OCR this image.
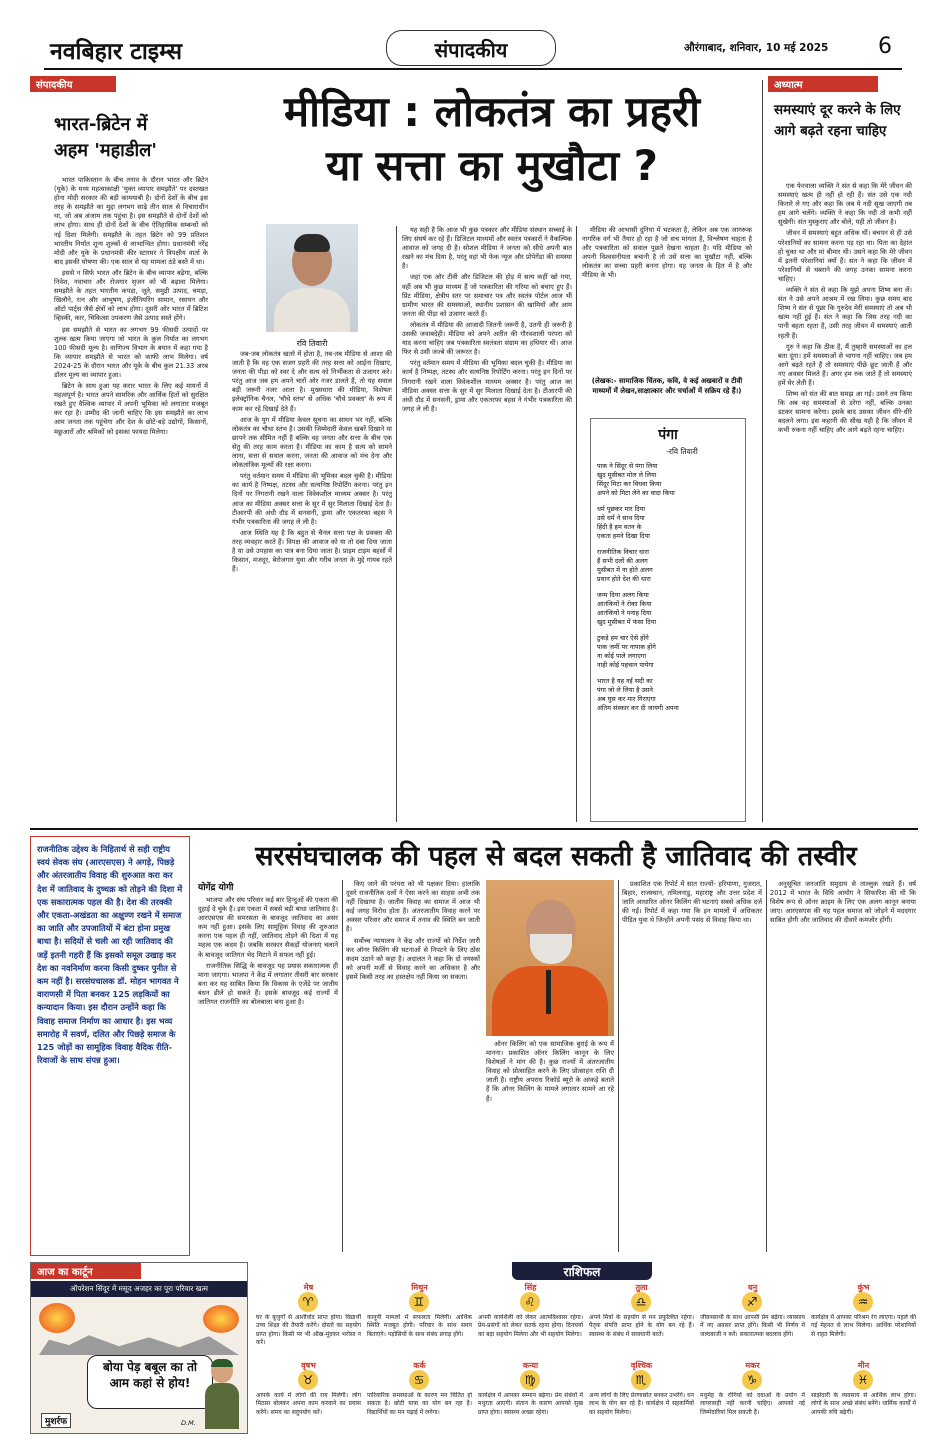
नवबिहार टाइम्स	संपादकीय	औरंगाबाद, शनिवार, 10 मई 2025 6
संपादकीय
भारत-ब्रिटेन में
अहम 'महाडील'

भारत पाकिस्तान के बीच तनाव के दौरान भारत और ब्रिटेन (यूके) के मध्य महत्वाकांक्षी 'मुक्त व्यापार समझौते' पर दस्तखत होना मोदी सरकार की बड़ी कामयाबी है। दोनों देशों के बीच इस तरह के समझौते का मुद्दा लगभग साढ़े तीन साल से विचाराधीन था, जो अब अंजाम तक पहुंचा है। इस समझौते से दोनों देशों को लाभ होगा। साथ ही दोनों देशों के बीच ऐतिहासिक सम्बन्धों को नई दिशा मिलेगी। समझौते के तहत ब्रिटेन को 99 प्रतिशत भारतीय निर्यात शून्य शुल्कों से लाभान्वित होगा। प्रधानमंत्री नरेंद्र मोदी और यूके के प्रधानमंत्री कीर स्टारमर ने त्रिपक्षीय वार्ता के बाद इसकी घोषणा की। एक साल से यह मामला ठंडे बस्ते में था।

इससे न सिर्फ भारत और ब्रिटेन के बीच व्यापार बढ़ेगा, बल्कि निवेश, नवाचार और रोजगार सृजन को भी बढ़ावा मिलेगा। समझौते के तहत भारतीय कपड़ा, जूते, समुद्री उत्पाद, चमड़ा, खिलौने, रत्न और आभूषण, इंजीनियरिंग सामान, रसायन और ऑटो पार्ट्स जैसे क्षेत्रों को लाभ होगा। दूसरी ओर भारत में ब्रिटिश व्हिस्की, कार, चिकित्सा उपकरण जैसे उत्पाद सस्ते होंगे।

इस समझौते से भारत का लगभग 99 फीसदी उत्पादों पर शुल्क खत्म किया जाएगा जो भारत के कुल निर्यात का लगभग 100 फीसदी मूल्य है। वाणिज्य विभाग के बयान में कहा गया है कि व्यापार समझौते से भारत को काफी लाभ मिलेगा। वर्ष 2024-25 के दौरान भारत और यूके के बीच कुल 21.33 अरब डॉलर मूल्य का व्यापार हुआ।

ब्रिटेन के साथ हुआ यह करार भारत के लिए कई मायनों में महत्वपूर्ण है। भारत अपने सामरिक और आर्थिक हितों को सुरक्षित रखते हुए वैश्विक व्यापार में अपनी भूमिका को लगातार मजबूत कर रहा है। उम्मीद की जानी चाहिए कि इस समझौते का लाभ आम जनता तक पहुंचेगा और देश के छोटे-बड़े उद्योगों, किसानों, मछुआरों और श्रमिकों को इसका फायदा मिलेगा।

मीडिया : लोकतंत्र का प्रहरी
या सत्ता का मुखौटा ?
रवि तिवारी

जब-जब लोकतंत्र खतरे में होता है, तब-तब मीडिया से आशा की जाती है कि वह एक सजग प्रहरी की तरह सत्ता को आईना दिखाए, जनता की पीड़ा को स्वर दे और सत्य को निर्भीकता से उजागर करे। परंतु आज जब हम अपने चारों ओर नजर डालते हैं, तो यह सवाल बड़ी जरूरी नजर आता है। मुख्यधारा की मीडिया, विशेषतः इलेक्ट्रॉनिक चैनल, 'चौथे स्तंभ' से अधिक 'चौथे प्रवक्ता' के रूप में काम कर रहे दिखाई देते हैं।

आज के युग में मीडिया केवल सूचना का साधन भर नहीं, बल्कि लोकतंत्र का चौथा स्तंभ है। उसकी जिम्मेदारी केवल खबरें दिखाने या छापने तक सीमित नहीं है बल्कि वह जनता और सत्ता के बीच एक सेतु की तरह काम करता है। मीडिया का काम है सत्य को सामने लाना, सत्ता से सवाल करना, जनता की आवाज को मंच देना और लोकतांत्रिक मूल्यों की रक्षा करना।

परंतु वर्तमान समय में मीडिया की भूमिका बदल चुकी है। मीडिया का कार्य है निष्पक्ष, तटस्थ और सत्यनिष्ठ रिपोर्टिंग करना। परंतु इन दिनों पर निगरानी रखने वाला विवेकशील माध्यम अक्सर है। परंतु आज का मीडिया अक्सर सत्ता के सुर में सुर मिलाता दिखाई देता है। टीआरपी की अंधी दौड़ में सनसनी, ड्रामा और एकतरफा बहस ने गंभीर पत्रकारिता की जगह ले ली है।

आज स्थिति यह है कि बहुत से चैनल सत्ता पक्ष के प्रवक्ता की तरह व्यवहार करते हैं। विपक्ष की आवाज को या तो दबा दिया जाता है या उसे उपहास का पात्र बना दिया जाता है। प्राइम टाइम बहसों में किसान, मजदूर, बेरोजगार युवा और गरीब जनता के मुद्दे गायब रहते हैं।

यह सही है कि आज भी कुछ पत्रकार और मीडिया संस्थान सच्चाई के लिए संघर्ष कर रहे हैं। डिजिटल माध्यमों और स्वतंत्र पत्रकारों ने वैकल्पिक आवाज को जगह दी है। सोशल मीडिया ने जनता को सीधे अपनी बात रखने का मंच दिया है, परंतु वहां भी फेक न्यूज और प्रोपेगेंडा की समस्या है।

जहां एक ओर टीवी और डिजिटल की होड़ में सत्य कहीं खो गया, वहीं अब भी कुछ माध्यम हैं जो पत्रकारिता की गरिमा को बचाए हुए हैं। प्रिंट मीडिया, क्षेत्रीय स्तर पर समाचार पत्र और स्वतंत्र पोर्टल आज भी ग्रामीण भारत की समस्याओं, स्थानीय प्रशासन की खामियों और आम जनता की पीड़ा को उजागर करते हैं।

लोकतंत्र में मीडिया की आजादी जितनी जरूरी है, उतनी ही जरूरी है उसकी जवाबदेही। मीडिया को अपने अतीत की गौरवशाली परंपरा को याद करना चाहिए जब पत्रकारिता स्वतंत्रता संग्राम का हथियार थी। आज फिर से उसी जज्बे की जरूरत है।

परंतु वर्तमान समय में मीडिया की भूमिका बदल चुकी है। मीडिया का कार्य है निष्पक्ष, तटस्थ और सत्यनिष्ठ रिपोर्टिंग करना। परंतु इन दिनों पर निगरानी रखने वाला विवेकशील माध्यम अक्सर है। परंतु आज का मीडिया अक्सर सत्ता के सुर में सुर मिलाता दिखाई देता है। टीआरपी की अंधी दौड़ में सनसनी, ड्रामा और एकतरफा बहस ने गंभीर पत्रकारिता की जगह ले ली है।

मीडिया की आभासी दुनिया में भटकता है, लेकिन अब एक जागरूक नागरिक वर्ग भी तैयार हो रहा है जो सच मांगता है, विश्लेषण चाहता है और पत्रकारिता को सवाल पूछते देखना चाहता है। यदि मीडिया को अपनी विश्वसनीयता बचानी है तो उसे सत्ता का मुखौटा नहीं, बल्कि लोकतंत्र का सच्चा प्रहरी बनना होगा। यह जनता के हित में है और मीडिया के भी।

(लेखक:- सामाजिक चिंतक, कवि, वे कई अखबारों व टीवी माध्यमों में लेखन,साक्षात्कार और चर्चाओं में सक्रिय रहे हैं।)
पंगा
-रवि तिवारी
पाक ने सिंदूर से पंगा लिया
खुद मुसीबत मोल ले लिया
सिंदूर मिटा कर विधवा किया
अपने को मिटा लेने का वादा किया
धर्म पूछकर मार दिया
उसे धर्म ने साथ दिया
हिंदी है हम वतन के
एकता हमने दिखा दिया
राजनीतिक विचार धारा
हैं सभी दलों की अलग
मुसीबत में ना होते अलग
प्रधान होते देश की धारा
जन्म दिया अलग किया
आतंकियों ने रोका किया
आतंकियों ने पनाह दिया
खुद मुसीबत में फंसा दिया
टुकड़े हम चार ऐसे होंगे
पाक जमीं पर नापाक होंगे
ना कोई पाले लगाएगा
नाही कोई पहचान पायेगा
भारत है यह नई सदी का
पंगा जो ले लिया है उसने
अब घुस कर मार गिराएगा
अंतिम संस्कार कर दी जायगी अपना
अध्यात्म
समस्याएं दूर करने के लिए आगे बढ़ते रहना चाहिए

एक फेरवाला व्यक्ति ने संत से कहा कि मेरे जीवन की समस्याएं खत्म ही नहीं हो रही हैं। संत उसे एक नदी किनारे ले गए और कहा कि जब ये नदी सूख जाएगी तब हम आगे चलेंगे। व्यक्ति ने कहा कि नदी तो कभी नहीं सूखेगी। संत मुस्कुराए और बोले, यही तो जीवन है।

जीवन में समस्याएं बहुत अधिक थीं। बचपन से ही उसे परेशानियों का सामना करना पड़ रहा था। पिता का देहांत हो चुका था और मां बीमार थी। उसने कहा कि मेरे जीवन में इतनी परेशानियां क्यों हैं। संत ने कहा कि जीवन में परेशानियों से घबराने की जगह उनका सामना करना चाहिए।

व्यक्ति ने संत से कहा कि मुझे अपना शिष्य बना लें। संत ने उसे अपने आश्रम में रख लिया। कुछ समय बाद शिष्य ने संत से पूछा कि गुरुदेव मेरी समस्याएं तो अब भी खत्म नहीं हुई हैं। संत ने कहा कि जिस तरह नदी का पानी बहता रहता है, उसी तरह जीवन में समस्याएं आती रहती हैं।

गुरु ने कहा कि ठीक है, मैं तुम्हारी समस्याओं का हल बता दूंगा। हमें समस्याओं से भागना नहीं चाहिए। जब हम आगे बढ़ते रहते हैं तो समस्याएं पीछे छूट जाती हैं और नए अवसर मिलते हैं। अगर हम रुक जाते हैं तो समस्याएं हमें घेर लेती हैं।

शिष्य को संत की बात समझ आ गई। उसने तय किया कि अब वह समस्याओं से डरेगा नहीं, बल्कि उनका डटकर सामना करेगा। इसके बाद उसका जीवन धीरे-धीरे बदलने लगा। इस कहानी की सीख यही है कि जीवन में कभी रुकना नहीं चाहिए और आगे बढ़ते रहना चाहिए।

राजनीतिक उद्देश्य के निहितार्थ से सही राष्ट्रीय स्वयं सेवक संघ (आरएसएस) ने अगड़े, पिछड़े और अंतरजातीय विवाह की शुरुआत करा कर देश में जातिवाद के दुष्चक्र को तोड़ने की दिशा में एक सकारात्मक पहल की है। देश की तरक्की और एकता-अखंडता का अक्षुण्ण रखने में समाज का जाति और उपजातियों में बंटा होना प्रमुख बाधा है। सदियों से चली आ रही जातिवाद की जड़ें इतनी गहरी हैं कि इसको समूल उखाड़ कर देश का नवनिर्माण करना किसी दुष्कर पुनीत से कम नहीं है। सरसंघचालक डॉ. मोहन भागवत ने वाराणसी में पिता बनकर 125 लड़कियों का कन्यादान किया। इस दौरान उन्होंने कहा कि विवाह समाज निर्माण का आधार है। इस भव्य समारोह में सवर्ण, दलित और पिछड़े समाज के 125 जोड़ों का सामूहिक विवाह वैदिक रीति-रिवाजों के साथ संपन्न हुआ।
सरसंघचालक की पहल से बदल सकती है जातिवाद की तस्वीर
योगेंद्र योगी

भाजपा और संघ परिवार कई बार हिन्दुओं की एकता की दुहाई दे चुके हैं। इस एकता में सबसे बड़ी बाधा जातिवाद है। आरएसएस की समरसता के बावजूद जातिवाद का असर कम नहीं हुआ। इसके लिए सामूहिक विवाह की शुरुआत करना एक पहल ही नहीं, जातिवाद तोड़ने की दिशा में यह महत्व एक कदम है। जबकि सरकार सैकड़ों योजनाएं चलाने के बावजूद जातिगत भेद मिटाने में सफल नहीं हुई।

राजनीतिक सिद्धि के बावजूद यह प्रयास सकारात्मक ही माना जाएगा। भाजपा ने केंद्र में लगातार तीसरी बार सरकार बना कर यह साबित किया कि विकास के एजेंडे पर जातीय बंधन ढीले हो सकते हैं। इसके बावजूद कई राज्यों में जातिगत राजनीति का बोलबाला बना हुआ है।

किए जाने की परंपरा को भी पक्षकर दिया। हालांकि दूसरे राजनीतिक दलों ने ऐसा करने का साहस अभी तक नहीं दिखाया है। जातीय विवाह का समाज में आज भी कई जगह विरोध होता है। अंतरजातीय विवाह करने पर अक्सर परिवार और समाज में तनाव की स्थिति बन जाती है।

सर्वोच्च न्यायालय ने केंद्र और राज्यों को निर्देश जारी कर ऑनर किलिंग की घटनाओं से निपटने के लिए ठोस कदम उठाने को कहा है। अदालत ने कहा कि दो वयस्कों को अपनी मर्जी से विवाह करने का अधिकार है और इसमें किसी तरह का हस्तक्षेप नहीं किया जा सकता।

ऑनर किलिंग को एक सामाजिक बुराई के रूप में मानना। प्रकाशित ऑनर किलिंग कानून के लिए विशेषज्ञों ने मांग की है। कुछ राज्यों में अंतरजातीय विवाह को प्रोत्साहित करने के लिए प्रोत्साहन राशि दी जाती है। राष्ट्रीय अपराध रिकॉर्ड ब्यूरो के आंकड़े बताते हैं कि ऑनर किलिंग के मामले लगातार सामने आ रहे हैं।

प्रकाशित एक रिपोर्ट में सात राज्यों- हरियाणा, गुजरात, बिहार, राजस्थान, तमिलनाडु, महाराष्ट्र और उत्तर प्रदेश में जाति आधारित ऑनर किलिंग की घटनाएं सबसे अधिक दर्ज की गईं। रिपोर्ट में कहा गया कि इन मामलों में अधिकतर पीड़ित युवा थे जिन्होंने अपनी पसंद से विवाह किया था।

अनुसूचित जनजाति समुदाय से ताल्लुक रखते हैं। वर्ष 2012 में भारत के विधि आयोग ने सिफारिश की थी कि विशेष रूप से ऑनर क्राइम के लिए एक अलग कानून बनाया जाए। आरएसएस की यह पहल समाज को जोड़ने में मददगार साबित होगी और जातिवाद की दीवारें कमजोर होंगी।

आज का कार्टून
ऑपरेशन सिंदूर में मसूद अजहर का पूरा परिवार खत्म
बोया पेड़ बबूल का तो आम कहां से होय!
मुशर्रफ	D.M.
राशिफल
मेष
♈
घर के बुजुर्गों से आशीर्वाद प्राप्त होगा। विद्यार्थी उच्च शिक्षा की तैयारी करेंगे। दोस्तों का सहयोग प्राप्त होगा। किसी पर भी ऑख-मूंदकर भरोसा न करें।
मिथुन
♊
कानूनी मामलों में सफलता मिलेगी। आर्थिक स्थिति मजबूत होगी। परिवार के साथ समय बिताएंगे। पड़ोसियों के साथ संबंध प्रगाढ़ होंगे।
सिंह
♌
अपनी कार्यशैली को लेकर आत्मविश्वास रहेगा। प्रेम-प्रसंगों को लेकर सतर्क रहना होगा। दिनचर्या का बड़ा सहयोग मिलेगा और भी सहयोग मिलेगा।
तुला
♎
अपने मित्रों के सहयोग से मन प्रफुल्लित रहेगा। पैतृक संपत्ति प्राप्त होने के योग बन रहे हैं। स्वास्थ्य के संबंध में सावधानी बरतें।
धनु
♐
जीवनसाथी के साथ आपसी प्रेम बढ़ेगा। व्यवसाय में नए अवसर प्राप्त होंगे। किसी भी निर्णय में जल्दबाजी न करें। सकारात्मक बदलाव होंगे।
कुंभ
♒
कार्यक्षेत्र में आपका परिश्रम रंग लाएगा। पहले की गई मेहनत से लाभ मिलेगा। आर्थिक परेशानियों से राहत मिलेगी।
वृषभ
♉
आपके कार्य में लोगों की राय मिलेगी। लोग मिठास बोलकर अपना काम करवाने का प्रयास करेंगे। समय का सदुपयोग करें।
कर्क
♋
पारिवारिक समस्याओं के कारण मन चिंतित हो सकता है। छोटी यात्रा का योग बन रहा है। विद्यार्थियों का मन पढ़ाई में लगेगा।
कन्या
♍
कार्यक्षेत्र में आपका सम्मान बढ़ेगा। प्रेम संबंधों में मधुरता आएगी। संतान के कारण आपको सुख प्राप्त होगा। स्वास्थ्य अच्छा रहेगा।
वृश्चिक
♏
अन्य लोगों के लिए प्रेरणास्रोत बनकर उभरेंगे। धन लाभ के योग बन रहे हैं। कार्यक्षेत्र में सहकर्मियों का सहयोग मिलेगा।
मकर
♑
मधुमेह के रोगियों को दवाओं के प्रयोग में लापरवाही नहीं करनी चाहिए। आपको नई जिम्मेदारियां मिल सकती हैं।
मीन
♓
साझेदारी के व्यवसाय से आर्थिक लाभ होगा। लोगों के साथ अच्छे संबंध बनेंगे। धार्मिक कार्यों में आपकी रुचि बढ़ेगी।
